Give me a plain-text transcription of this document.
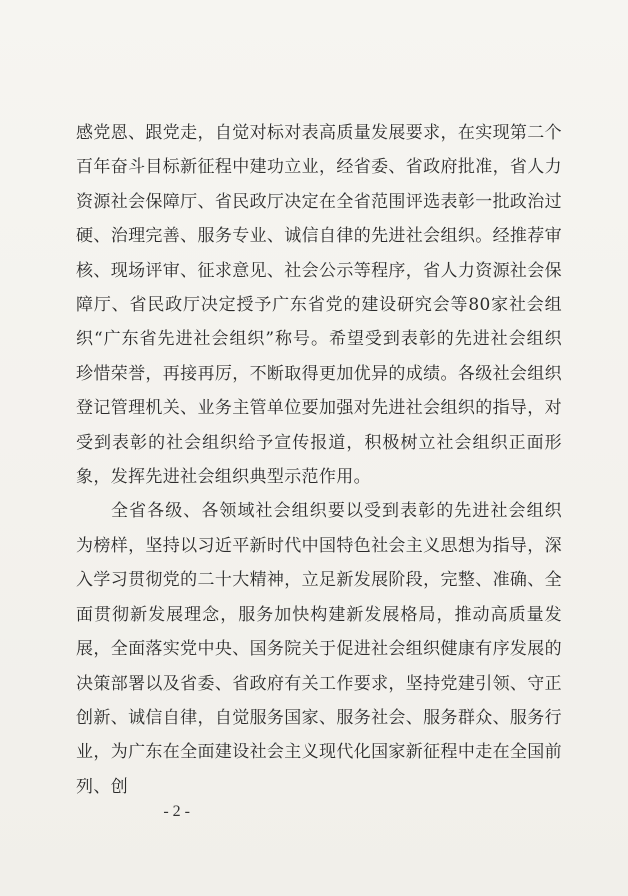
感党恩、跟党走，自觉对标对表高质量发展要求，在实现第二个百年奋斗目标新征程中建功立业，经省委、省政府批准，省人力资源社会保障厅、省民政厅决定在全省范围评选表彰一批政治过硬、治理完善、服务专业、诚信自律的先进社会组织。经推荐审核、现场评审、征求意见、社会公示等程序，省人力资源社会保障厅、省民政厅决定授予广东省党的建设研究会等80家社会组织“广东省先进社会组织”称号。希望受到表彰的先进社会组织珍惜荣誉，再接再厉，不断取得更加优异的成绩。各级社会组织登记管理机关、业务主管单位要加强对先进社会组织的指导，对受到表彰的社会组织给予宣传报道，积极树立社会组织正面形象，发挥先进社会组织典型示范作用。

全省各级、各领域社会组织要以受到表彰的先进社会组织为榜样，坚持以习近平新时代中国特色社会主义思想为指导，深入学习贯彻党的二十大精神，立足新发展阶段，完整、准确、全面贯彻新发展理念，服务加快构建新发展格局，推动高质量发展，全面落实党中央、国务院关于促进社会组织健康有序发展的决策部署以及省委、省政府有关工作要求，坚持党建引领、守正创新、诚信自律，自觉服务国家、服务社会、服务群众、服务行业，为广东在全面建设社会主义现代化国家新征程中走在全国前列、创

- 2 -
